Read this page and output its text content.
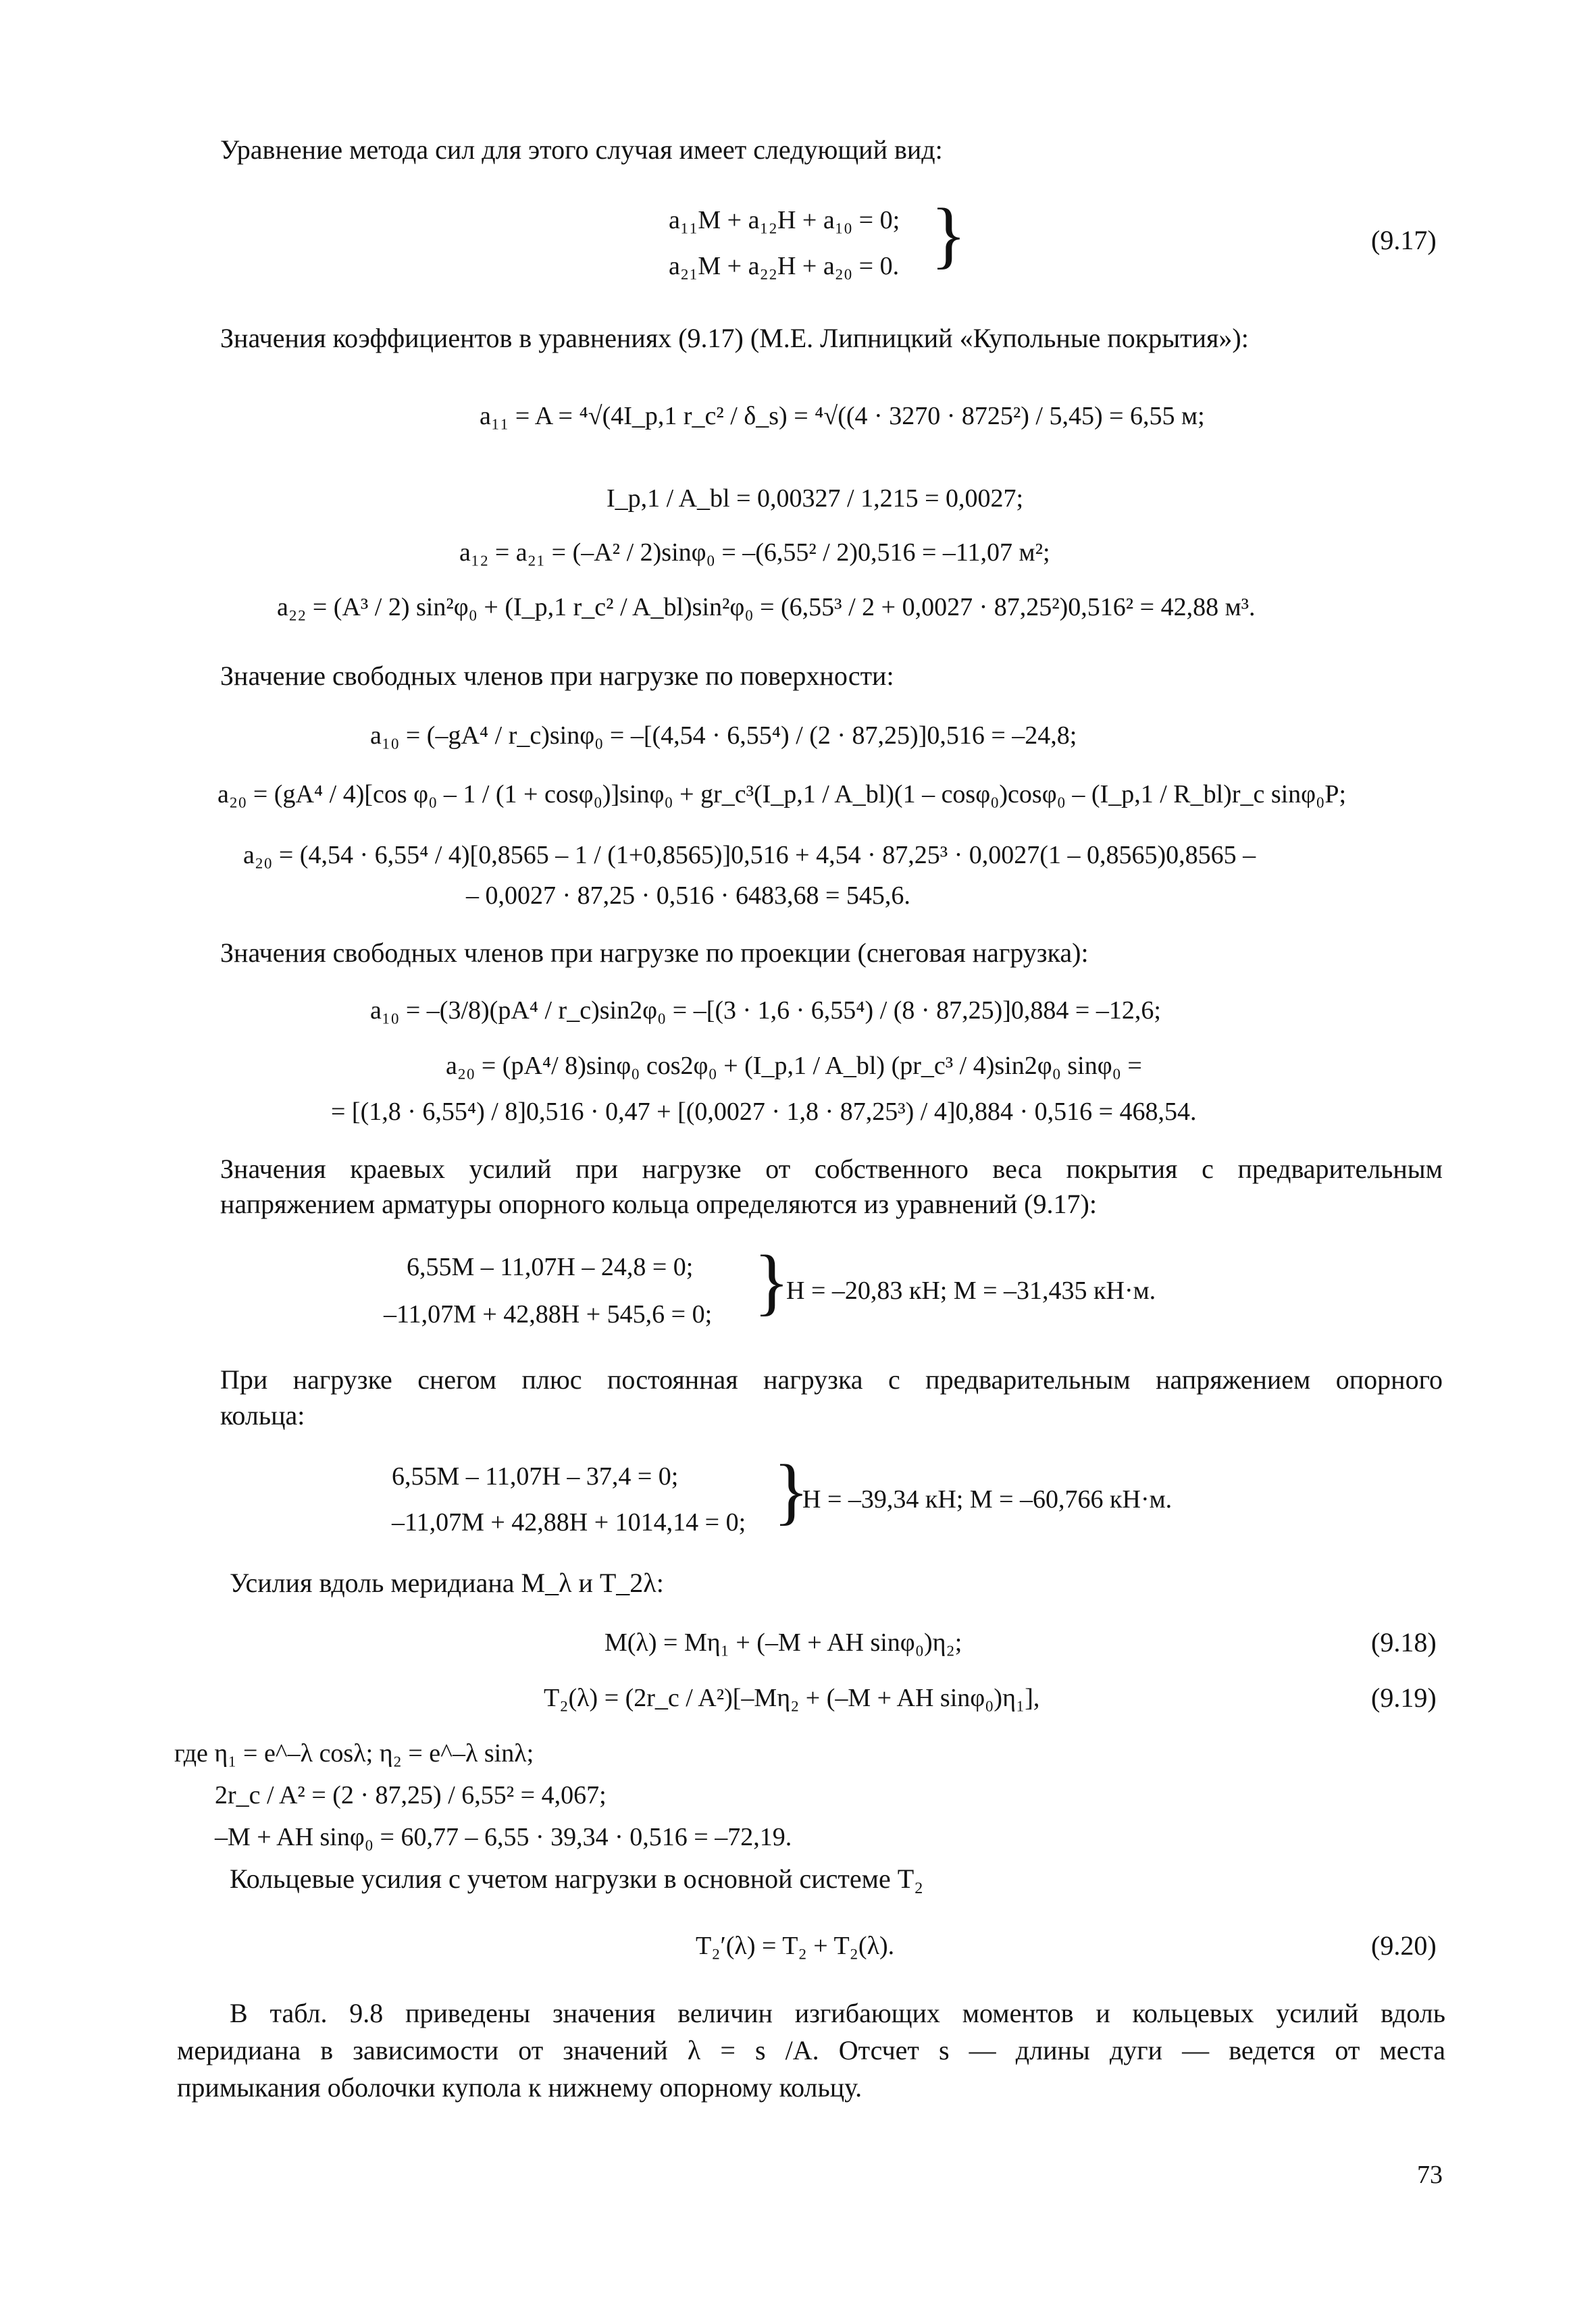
Уравнение метода сил для этого случая имеет следующий вид:
a₁₁M + a₁₂H + a₁₀ = 0;
a₂₁M + a₂₂H + a₂₀ = 0. }	(9.17)
Значения коэффициентов в уравнениях (9.17) (М.Е. Липницкий «Купольные покрытия»):
a₁₁ = A = ⁴√(4I_p,1 r_c² / δ_s) = ⁴√((4 · 3270 · 8725²) / 5,45) = 6,55 м;
I_p,1 / A_bl = 0,00327 / 1,215 = 0,0027;
a₁₂ = a₂₁ = (–A² / 2)sinφ₀ = –(6,55² / 2)0,516 = –11,07 м²;
a₂₂ = (A³ / 2) sin²φ₀ + (I_p,1 r_c² / A_bl)sin²φ₀ = (6,55³ / 2 + 0,0027 · 87,25²)0,516² = 42,88 м³.
Значение свободных членов при нагрузке по поверхности:
a₁₀ = (–gA⁴ / r_c)sinφ₀ = –[(4,54 · 6,55⁴) / (2 · 87,25)]0,516 = –24,8;
a₂₀ = (gA⁴ / 4)[cos φ₀ – 1 / (1 + cosφ₀)]sinφ₀ + gr_c³(I_p,1 / A_bl)(1 – cosφ₀)cosφ₀ – (I_p,1 / R_bl)r_c sinφ₀P;
a₂₀ = (4,54 · 6,55⁴ / 4)[0,8565 – 1 / (1+0,8565)]0,516 + 4,54 · 87,25³ · 0,0027(1 – 0,8565)0,8565 –
– 0,0027 · 87,25 · 0,516 · 6483,68 = 545,6.
Значения свободных членов при нагрузке по проекции (снеговая нагрузка):
a₁₀ = –(3/8)(pA⁴ / r_c)sin2φ₀ = –[(3 · 1,6 · 6,55⁴) / (8 · 87,25)]0,884 = –12,6;
a₂₀ = (pA⁴/ 8)sinφ₀ cos2φ₀ + (I_p,1 / A_bl) (pr_c³ / 4)sin2φ₀ sinφ₀ =
= [(1,8 · 6,55⁴) / 8]0,516 · 0,47 + [(0,0027 · 1,8 · 87,25³) / 4]0,884 · 0,516 = 468,54.
Значения краевых усилий при нагрузке от собственного веса покрытия с предварительным
напряжением арматуры опорного кольца определяются из уравнений (9.17):
6,55M – 11,07H – 24,8 = 0;
–11,07M + 42,88H + 545,6 = 0; }
H = –20,83 кН; M = –31,435 кН·м.
При нагрузке снегом плюс постоянная нагрузка с предварительным напряжением опорного
кольца:
6,55M – 11,07H – 37,4 = 0;
–11,07M + 42,88H + 1014,14 = 0; }
H = –39,34 кН; M = –60,766 кН·м.
Усилия вдоль меридиана M_λ и T_2λ:
M(λ) = Mη₁ + (–M + AH sinφ₀)η₂;	(9.18)
T₂(λ) = (2r_c / A²)[–Mη₂ + (–M + AH sinφ₀)η₁],	(9.19)
где η₁ = e^–λ cosλ; η₂ = e^–λ sinλ;
2r_c / A² = (2 · 87,25) / 6,55² = 4,067;
–M + AH sinφ₀ = 60,77 – 6,55 · 39,34 · 0,516 = –72,19.
Кольцевые усилия с учетом нагрузки в основной системе T₂
T₂′(λ) = T₂ + T₂(λ).	(9.20)
В табл. 9.8 приведены значения величин изгибающих моментов и кольцевых усилий вдоль
меридиана в зависимости от значений λ = s /A. Отсчет s — длины дуги — ведется от места
примыкания оболочки купола к нижнему опорному кольцу.
73
